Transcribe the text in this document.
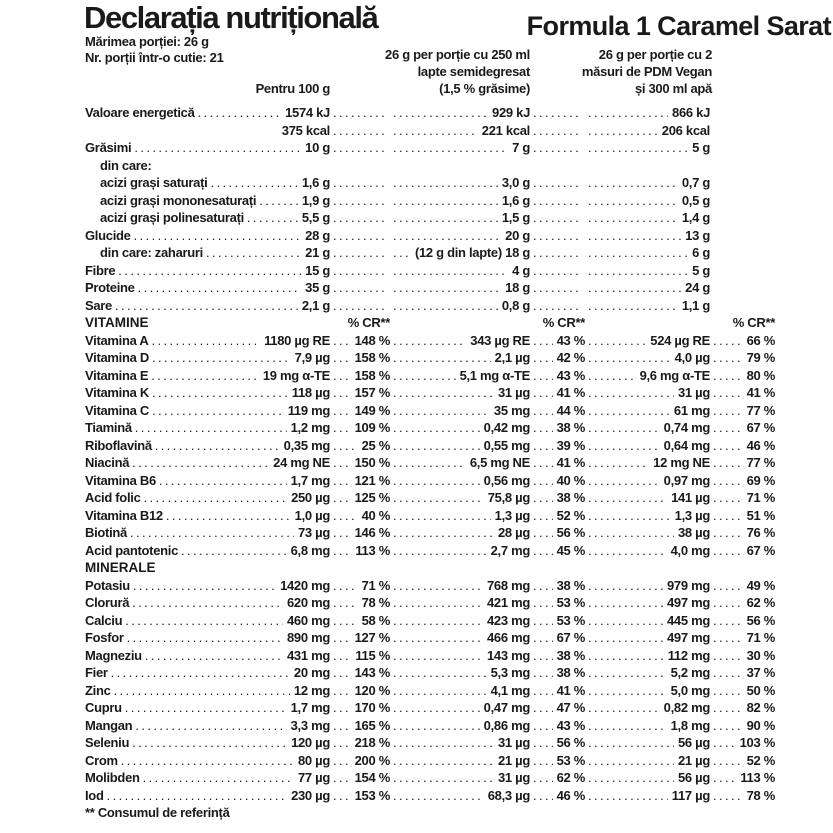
Declarația nutrițională	Formula 1 Caramel Sarat
Mărimea porției: 26 g
Nr. porții într-o cutie: 21
Pentru 100 g
26 g per porție cu 250 ml
lapte semidegresat
(1,5 % grăsime)
26 g per porție cu 2
măsuri de PDM Vegan
și 300 ml apă
Valoare energetică .....	1574 kJ ..... .....	929 kJ ..... .....	866 kJ
375 kcal ..... .....	221 kcal ..... .....	206 kcal
Grăsimi .....	10 g ..... .....	7 g ..... .....	5 g
din care:
acizi grași saturați .....	1,6 g ..... .....	3,0 g ..... .....	0,7 g
acizi grași mononesaturați .....	1,9 g ..... .....	1,6 g ..... .....	0,5 g
acizi grași polinesaturați .....	5,5 g ..... .....	1,5 g ..... .....	1,4 g
Glucide .....	28 g ..... .....	20 g ..... .....	13 g
din care: zaharuri .....	21 g ..... .....	(12 g din lapte) 18 g ..... .....	6 g
Fibre .....	15 g ..... .....	4 g ..... .....	5 g
Proteine .....	35 g ..... .....	18 g ..... .....	24 g
Sare .....	2,1 g ..... .....	0,8 g ..... .....	1,1 g
VITAMINE	% CR**	% CR**	% CR**
Vitamina A .....	1180 µg RE .....	148 % .....	343 µg RE .....	43 % .....	524 µg RE .....	66 %
Vitamina D .....	7,9 µg .....	158 % .....	2,1 µg .....	42 % .....	4,0 µg .....	79 %
Vitamina E .....	19 mg α-TE .....	158 % .....	5,1 mg α-TE .....	43 % .....	9,6 mg α-TE .....	80 %
Vitamina K .....	118 µg .....	157 % .....	31 µg .....	41 % .....	31 µg .....	41 %
Vitamina C .....	119 mg .....	149 % .....	35 mg .....	44 % .....	61 mg .....	77 %
Tiamină .....	1,2 mg .....	109 % .....	0,42 mg .....	38 % .....	0,74 mg .....	67 %
Riboflavină .....	0,35 mg .....	25 % .....	0,55 mg .....	39 % .....	0,64 mg .....	46 %
Niacină .....	24 mg NE .....	150 % .....	6,5 mg NE .....	41 % .....	12 mg NE .....	77 %
Vitamina B6 .....	1,7 mg .....	121 % .....	0,56 mg .....	40 % .....	0,97 mg .....	69 %
Acid folic .....	250 µg .....	125 % .....	75,8 µg .....	38 % .....	141 µg .....	71 %
Vitamina B12 .....	1,0 µg .....	40 % .....	1,3 µg .....	52 % .....	1,3 µg .....	51 %
Biotină .....	73 µg .....	146 % .....	28 µg .....	56 % .....	38 µg .....	76 %
Acid pantotenic .....	6,8 mg .....	113 % .....	2,7 mg .....	45 % .....	4,0 mg .....	67 %
MINERALE
Potasiu .....	1420 mg .....	71 % .....	768 mg .....	38 % .....	979 mg .....	49 %
Clorură .....	620 mg .....	78 % .....	421 mg .....	53 % .....	497 mg .....	62 %
Calciu .....	460 mg .....	58 % .....	423 mg .....	53 % .....	445 mg .....	56 %
Fosfor .....	890 mg .....	127 % .....	466 mg .....	67 % .....	497 mg .....	71 %
Magneziu .....	431 mg .....	115 % .....	143 mg .....	38 % .....	112 mg .....	30 %
Fier .....	20 mg .....	143 % .....	5,3 mg .....	38 % .....	5,2 mg .....	37 %
Zinc .....	12 mg .....	120 % .....	4,1 mg .....	41 % .....	5,0 mg .....	50 %
Cupru .....	1,7 mg .....	170 % .....	0,47 mg .....	47 % .....	0,82 mg .....	82 %
Mangan .....	3,3 mg .....	165 % .....	0,86 mg .....	43 % .....	1,8 mg .....	90 %
Seleniu .....	120 µg .....	218 % .....	31 µg .....	56 % .....	56 µg .....	103 %
Crom .....	80 µg .....	200 % .....	21 µg .....	53 % .....	21 µg .....	52 %
Molibden .....	77 µg .....	154 % .....	31 µg .....	62 % .....	56 µg .....	113 %
Iod .....	230 µg .....	153 % .....	68,3 µg .....	46 % .....	117 µg .....	78 %
** Consumul de referință
